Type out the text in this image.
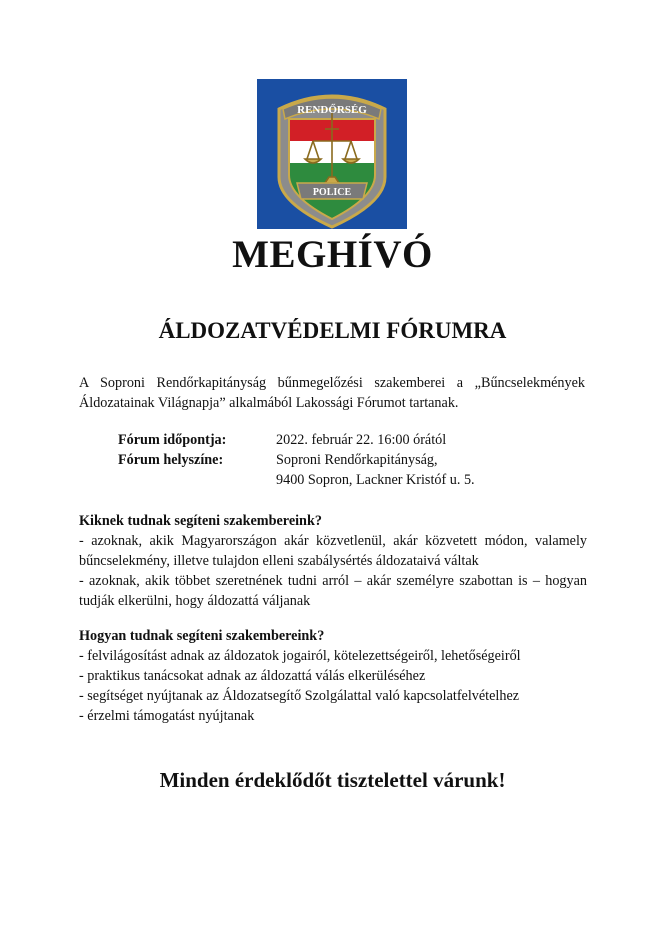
RENDŐRSÉG
POLICE
MEGHÍVÓ
ÁLDOZATVÉDELMI FÓRUMRA

A Soproni Rendőrkapitányság bűnmegelőzési szakemberei a „Bűncselekmények Áldozatainak Világnapja” alkalmából Lakossági Fórumot tartanak.

Fórum időpontja:	2022. február 22. 16:00 órától
Fórum helyszíne:	Soproni Rendőrkapitányság,
9400 Sopron, Lackner Kristóf u. 5.

Kiknek tudnak segíteni szakembereink?

- azoknak, akik Magyarországon akár közvetlenül, akár közvetett módon, valamely bűncselekmény, illetve tulajdon elleni szabálysértés áldozataivá váltak
- azoknak, akik többet szeretnének tudni arról – akár személyre szabottan is – hogyan tudják elkerülni, hogy áldozattá váljanak

Hogyan tudnak segíteni szakembereink?

- felvilágosítást adnak az áldozatok jogairól, kötelezettségeiről, lehetőségeiről
- praktikus tanácsokat adnak az áldozattá válás elkerüléséhez
- segítséget nyújtanak az Áldozatsegítő Szolgálattal való kapcsolatfelvételhez
- érzelmi támogatást nyújtanak
Minden érdeklődőt tisztelettel várunk!
